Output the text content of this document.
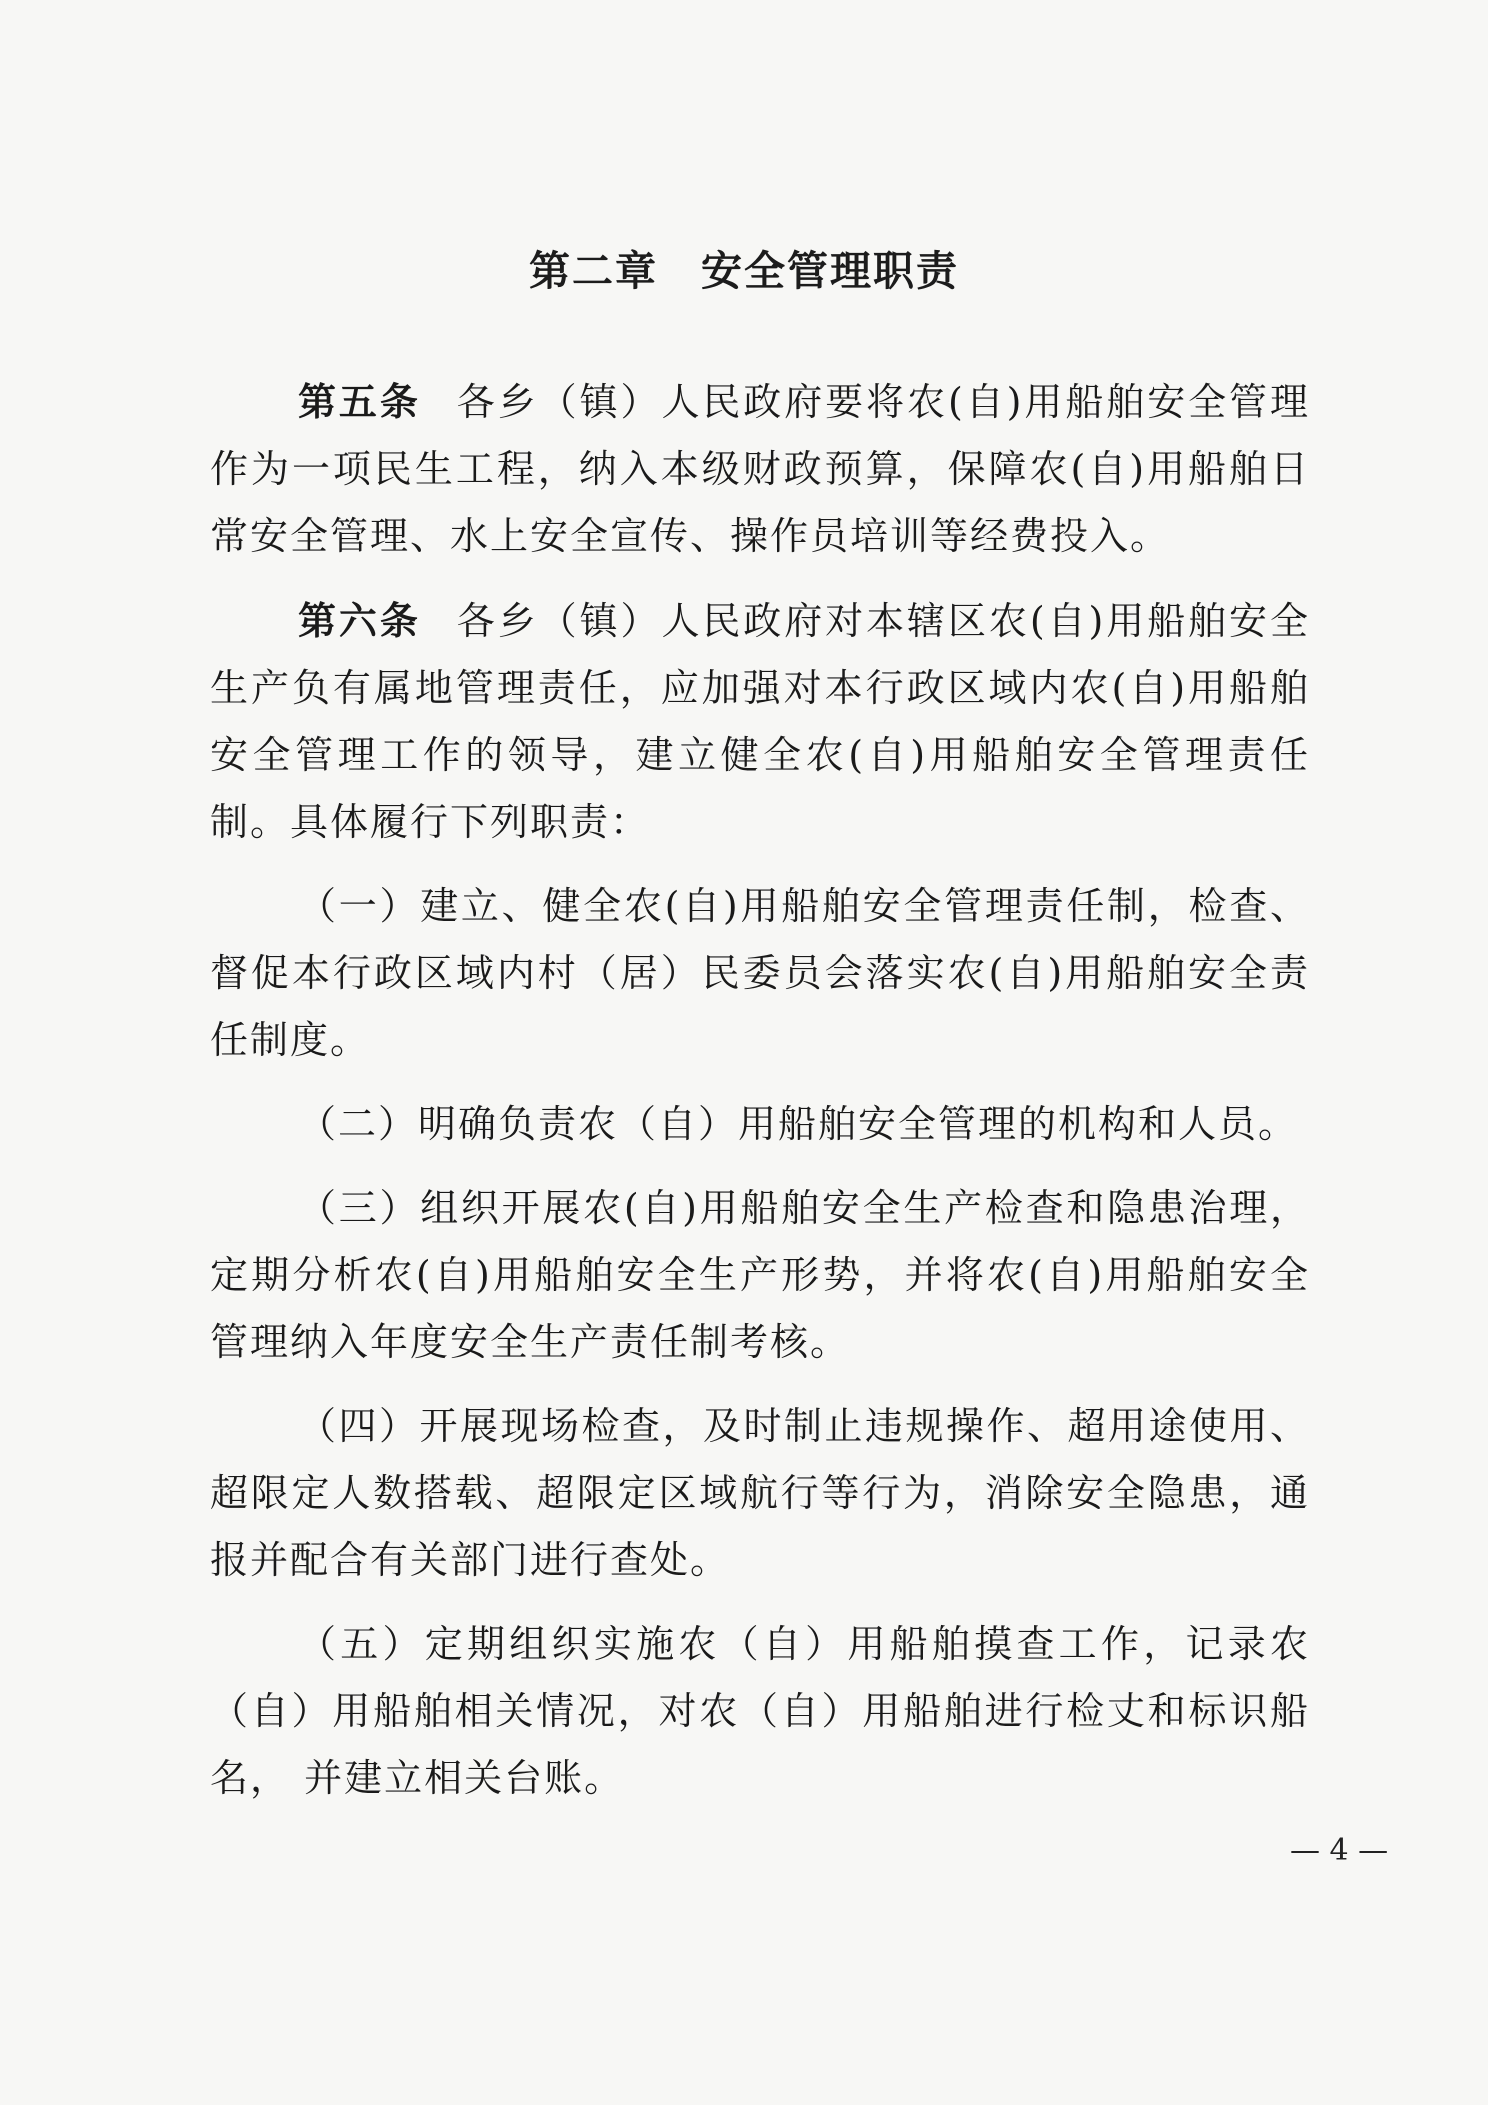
第二章　安全管理职责

第五条 各乡（镇）人民政府要将农(自)用船舶安全管理作为一项民生工程，纳入本级财政预算，保障农(自)用船舶日常安全管理、水上安全宣传、操作员培训等经费投入。

第六条 各乡（镇）人民政府对本辖区农(自)用船舶安全生产负有属地管理责任，应加强对本行政区域内农(自)用船舶安全管理工作的领导，建立健全农(自)用船舶安全管理责任制。具体履行下列职责：

（一）建立、健全农(自)用船舶安全管理责任制，检查、督促本行政区域内村（居）民委员会落实农(自)用船舶安全责任制度。

（二）明确负责农（自）用船舶安全管理的机构和人员。

（三）组织开展农(自)用船舶安全生产检查和隐患治理，定期分析农(自)用船舶安全生产形势，并将农(自)用船舶安全管理纳入年度安全生产责任制考核。

（四）开展现场检查，及时制止违规操作、超用途使用、超限定人数搭载、超限定区域航行等行为，消除安全隐患，通报并配合有关部门进行查处。

（五）定期组织实施农（自）用船舶摸查工作，记录农（自）用船舶相关情况，对农（自）用船舶进行检丈和标识船名， 并建立相关台账。

— 4 —
